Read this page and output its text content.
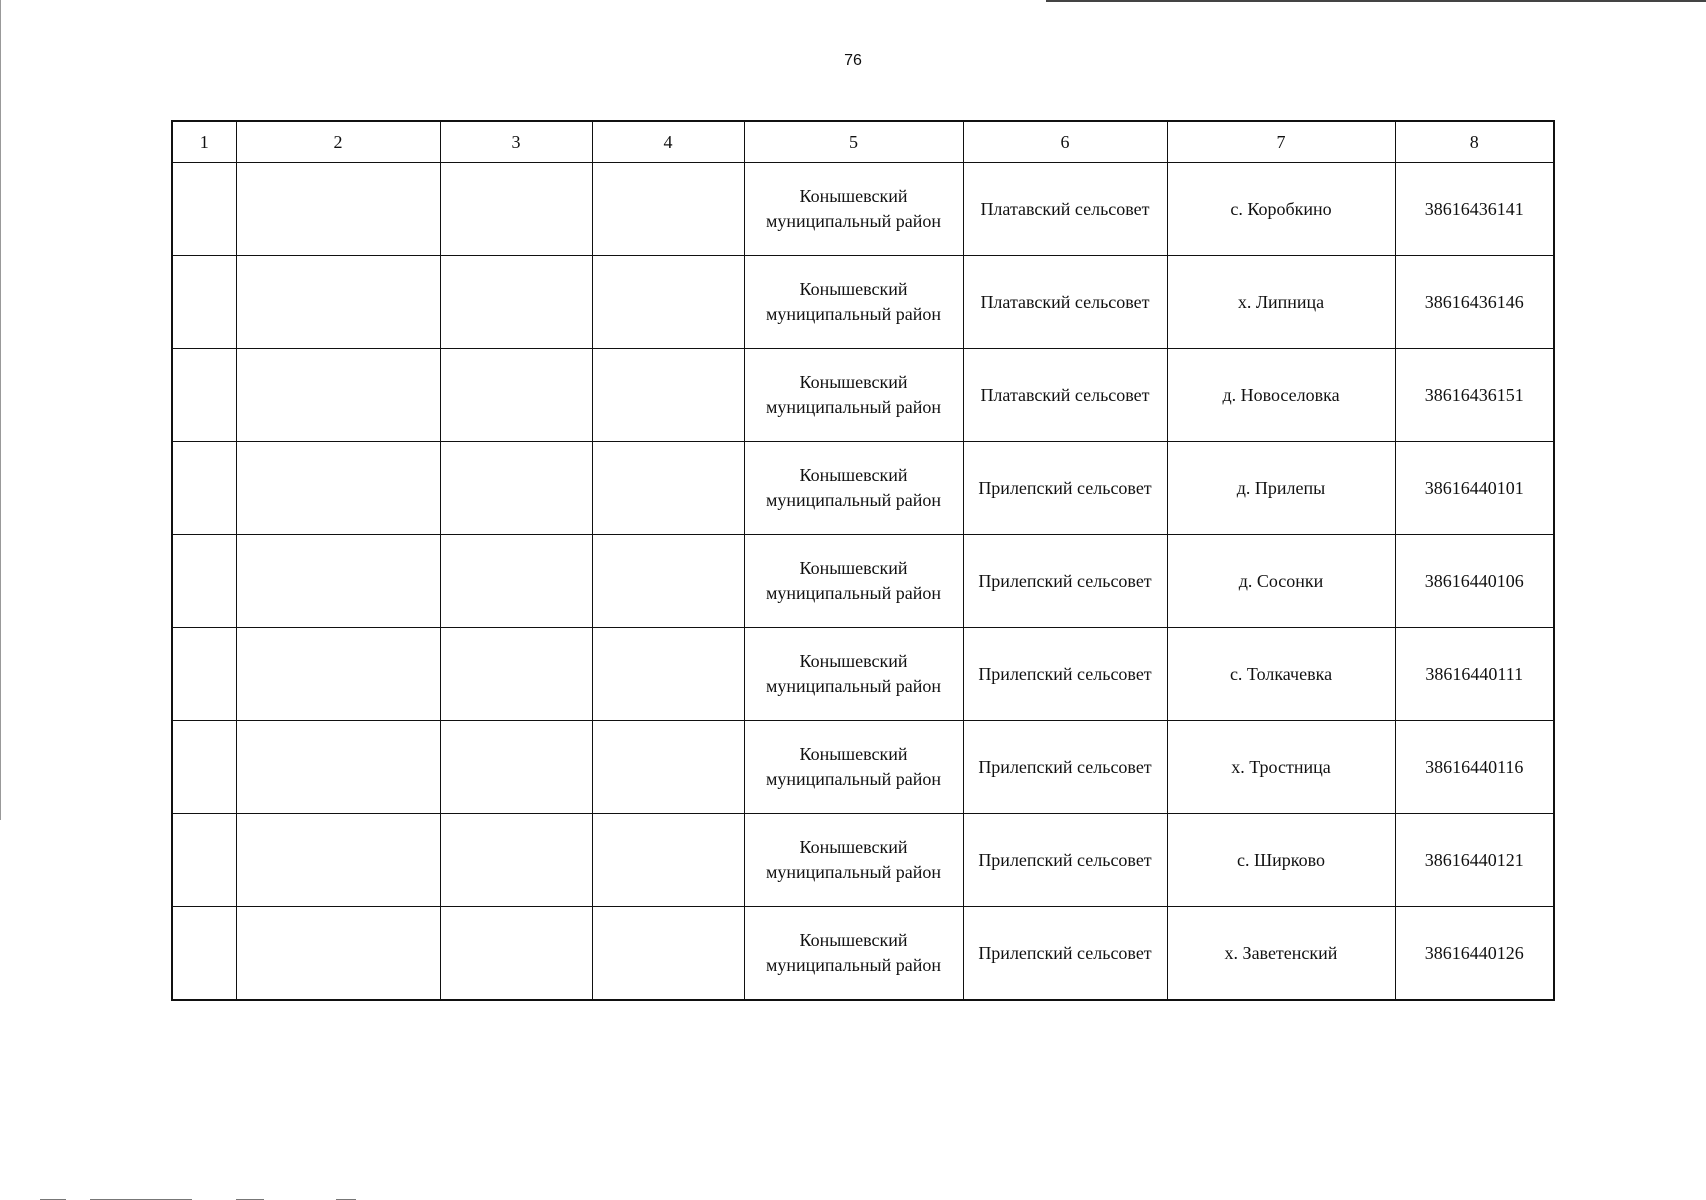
76
1	2	3	4	5	6	7	8
				Конышевский муниципальный район	Платавский сельсовет	с. Коробкино	38616436141
				Конышевский муниципальный район	Платавский сельсовет	х. Липница	38616436146
				Конышевский муниципальный район	Платавский сельсовет	д. Новоселовка	38616436151
				Конышевский муниципальный район	Прилепский сельсовет	д. Прилепы	38616440101
				Конышевский муниципальный район	Прилепский сельсовет	д. Сосонки	38616440106
				Конышевский муниципальный район	Прилепский сельсовет	с. Толкачевка	38616440111
				Конышевский муниципальный район	Прилепский сельсовет	х. Тростница	38616440116
				Конышевский муниципальный район	Прилепский сельсовет	с. Ширково	38616440121
				Конышевский муниципальный район	Прилепский сельсовет	х. Заветенский	38616440126
